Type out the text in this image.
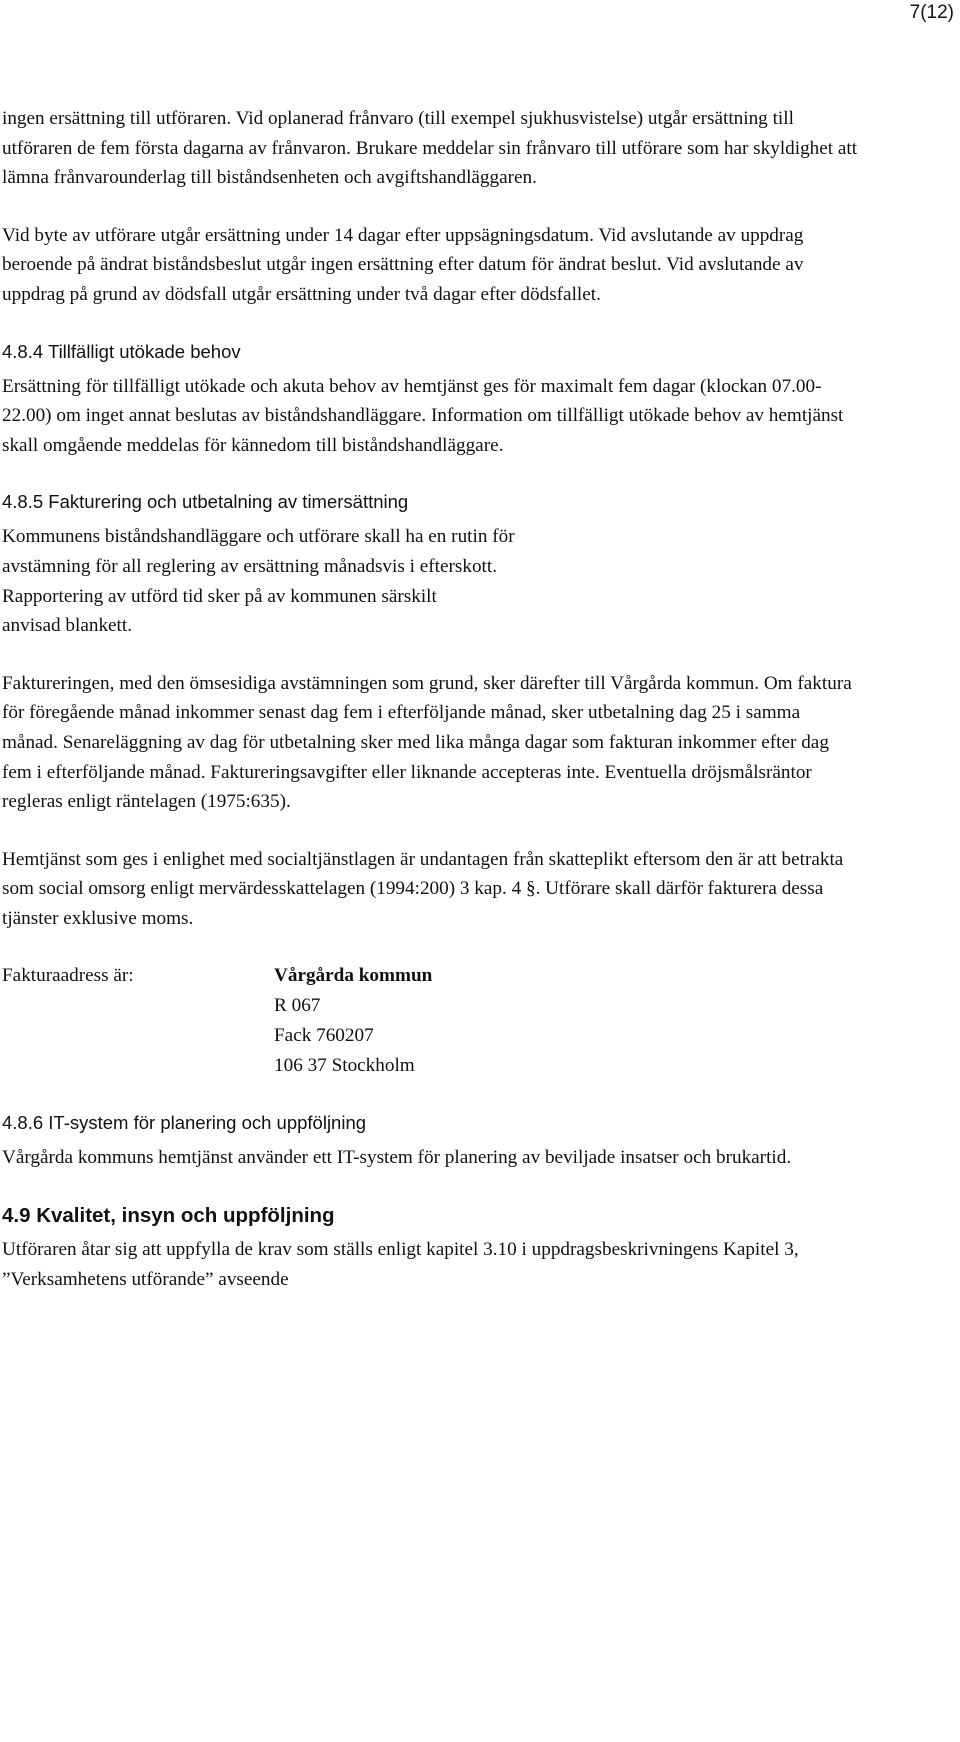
7(12)

ingen ersättning till utföraren. Vid oplanerad frånvaro (till exempel sjukhusvistelse) utgår ersättning till utföraren de fem första dagarna av frånvaron. Brukare meddelar sin frånvaro till utförare som har skyldighet att lämna frånvarounderlag till biståndsenheten och avgiftshandläggaren.

Vid byte av utförare utgår ersättning under 14 dagar efter uppsägningsdatum. Vid avslutande av uppdrag beroende på ändrat biståndsbeslut utgår ingen ersättning efter datum för ändrat beslut. Vid avslutande av uppdrag på grund av dödsfall utgår ersättning under två dagar efter dödsfallet.

4.8.4 Tillfälligt utökade behov

Ersättning för tillfälligt utökade och akuta behov av hemtjänst ges för maximalt fem dagar (klockan 07.00-22.00) om inget annat beslutas av biståndshandläggare. Information om tillfälligt utökade behov av hemtjänst skall omgående meddelas för kännedom till biståndshandläggare.

4.8.5 Fakturering och utbetalning av timersättning

Kommunens biståndshandläggare och utförare skall ha en rutin för
avstämning för all reglering av ersättning månadsvis i efterskott.
Rapportering av utförd tid sker på av kommunen särskilt
anvisad blankett.

Faktureringen, med den ömsesidiga avstämningen som grund, sker därefter till Vårgårda kommun. Om faktura för föregående månad inkommer senast dag fem i efterföljande månad, sker utbetalning dag 25 i samma månad. Senareläggning av dag för utbetalning sker med lika många dagar som fakturan inkommer efter dag fem i efterföljande månad. Faktureringsavgifter eller liknande accepteras inte. Eventuella dröjsmålsräntor regleras enligt räntelagen (1975:635).

Hemtjänst som ges i enlighet med socialtjänstlagen är undantagen från skatteplikt eftersom den är att betrakta som social omsorg enligt mervärdesskattelagen (1994:200) 3 kap. 4 §. Utförare skall därför fakturera dessa tjänster exklusive moms.

Fakturaadress är:	Vårgårda kommun
R 067
Fack 760207
106 37 Stockholm
4.8.6 IT-system för planering och uppföljning

Vårgårda kommuns hemtjänst använder ett IT-system för planering av beviljade insatser och brukartid.

4.9 Kvalitet, insyn och uppföljning

Utföraren åtar sig att uppfylla de krav som ställs enligt kapitel 3.10 i uppdragsbeskrivningens Kapitel 3, ”Verksamhetens utförande” avseende
